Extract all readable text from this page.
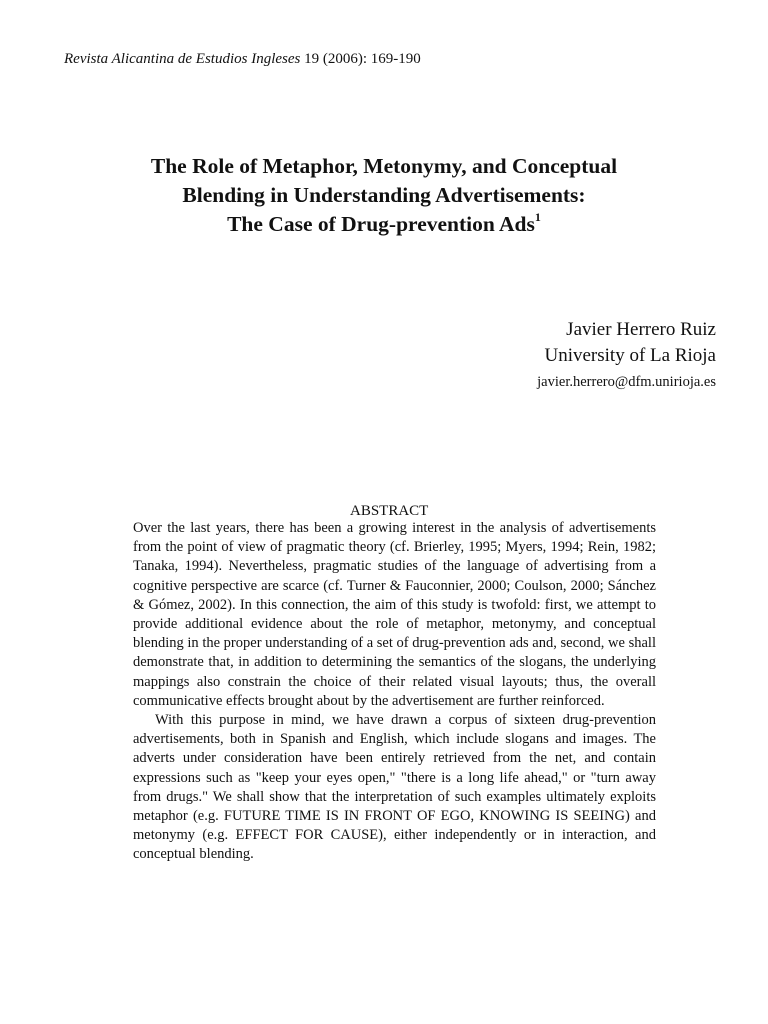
Revista Alicantina de Estudios Ingleses 19 (2006): 169-190
The Role of Metaphor, Metonymy, and Conceptual
Blending in Understanding Advertisements:
The Case of Drug-prevention Ads$^1$
Javier Herrero Ruiz
University of La Rioja
javier.herrero@dfm.unirioja.es
ABSTRACT

Over the last years, there has been a growing interest in the analysis of advertisements from the point of view of pragmatic theory (cf. Brierley, 1995; Myers, 1994; Rein, 1982; Tanaka, 1994). Nevertheless, pragmatic studies of the language of advertising from a cognitive perspective are scarce (cf. Turner & Fauconnier, 2000; Coulson, 2000; Sánchez & Gómez, 2002). In this connection, the aim of this study is twofold: first, we attempt to provide additional evidence about the role of metaphor, metonymy, and conceptual blending in the proper understanding of a set of drug-prevention ads and, second, we shall demonstrate that, in addition to determining the semantics of the slogans, the underlying mappings also constrain the choice of their related visual layouts; thus, the overall communicative effects brought about by the advertisement are further reinforced.

With this purpose in mind, we have drawn a corpus of sixteen drug-prevention advertisements, both in Spanish and English, which include slogans and images. The adverts under consideration have been entirely retrieved from the net, and contain expressions such as "keep your eyes open," "there is a long life ahead," or "turn away from drugs." We shall show that the interpretation of such examples ultimately exploits metaphor (e.g. FUTURE TIME IS IN FRONT OF EGO, KNOWING IS SEEING) and metonymy (e.g. EFFECT FOR CAUSE), either independently or in interaction, and conceptual blending.
